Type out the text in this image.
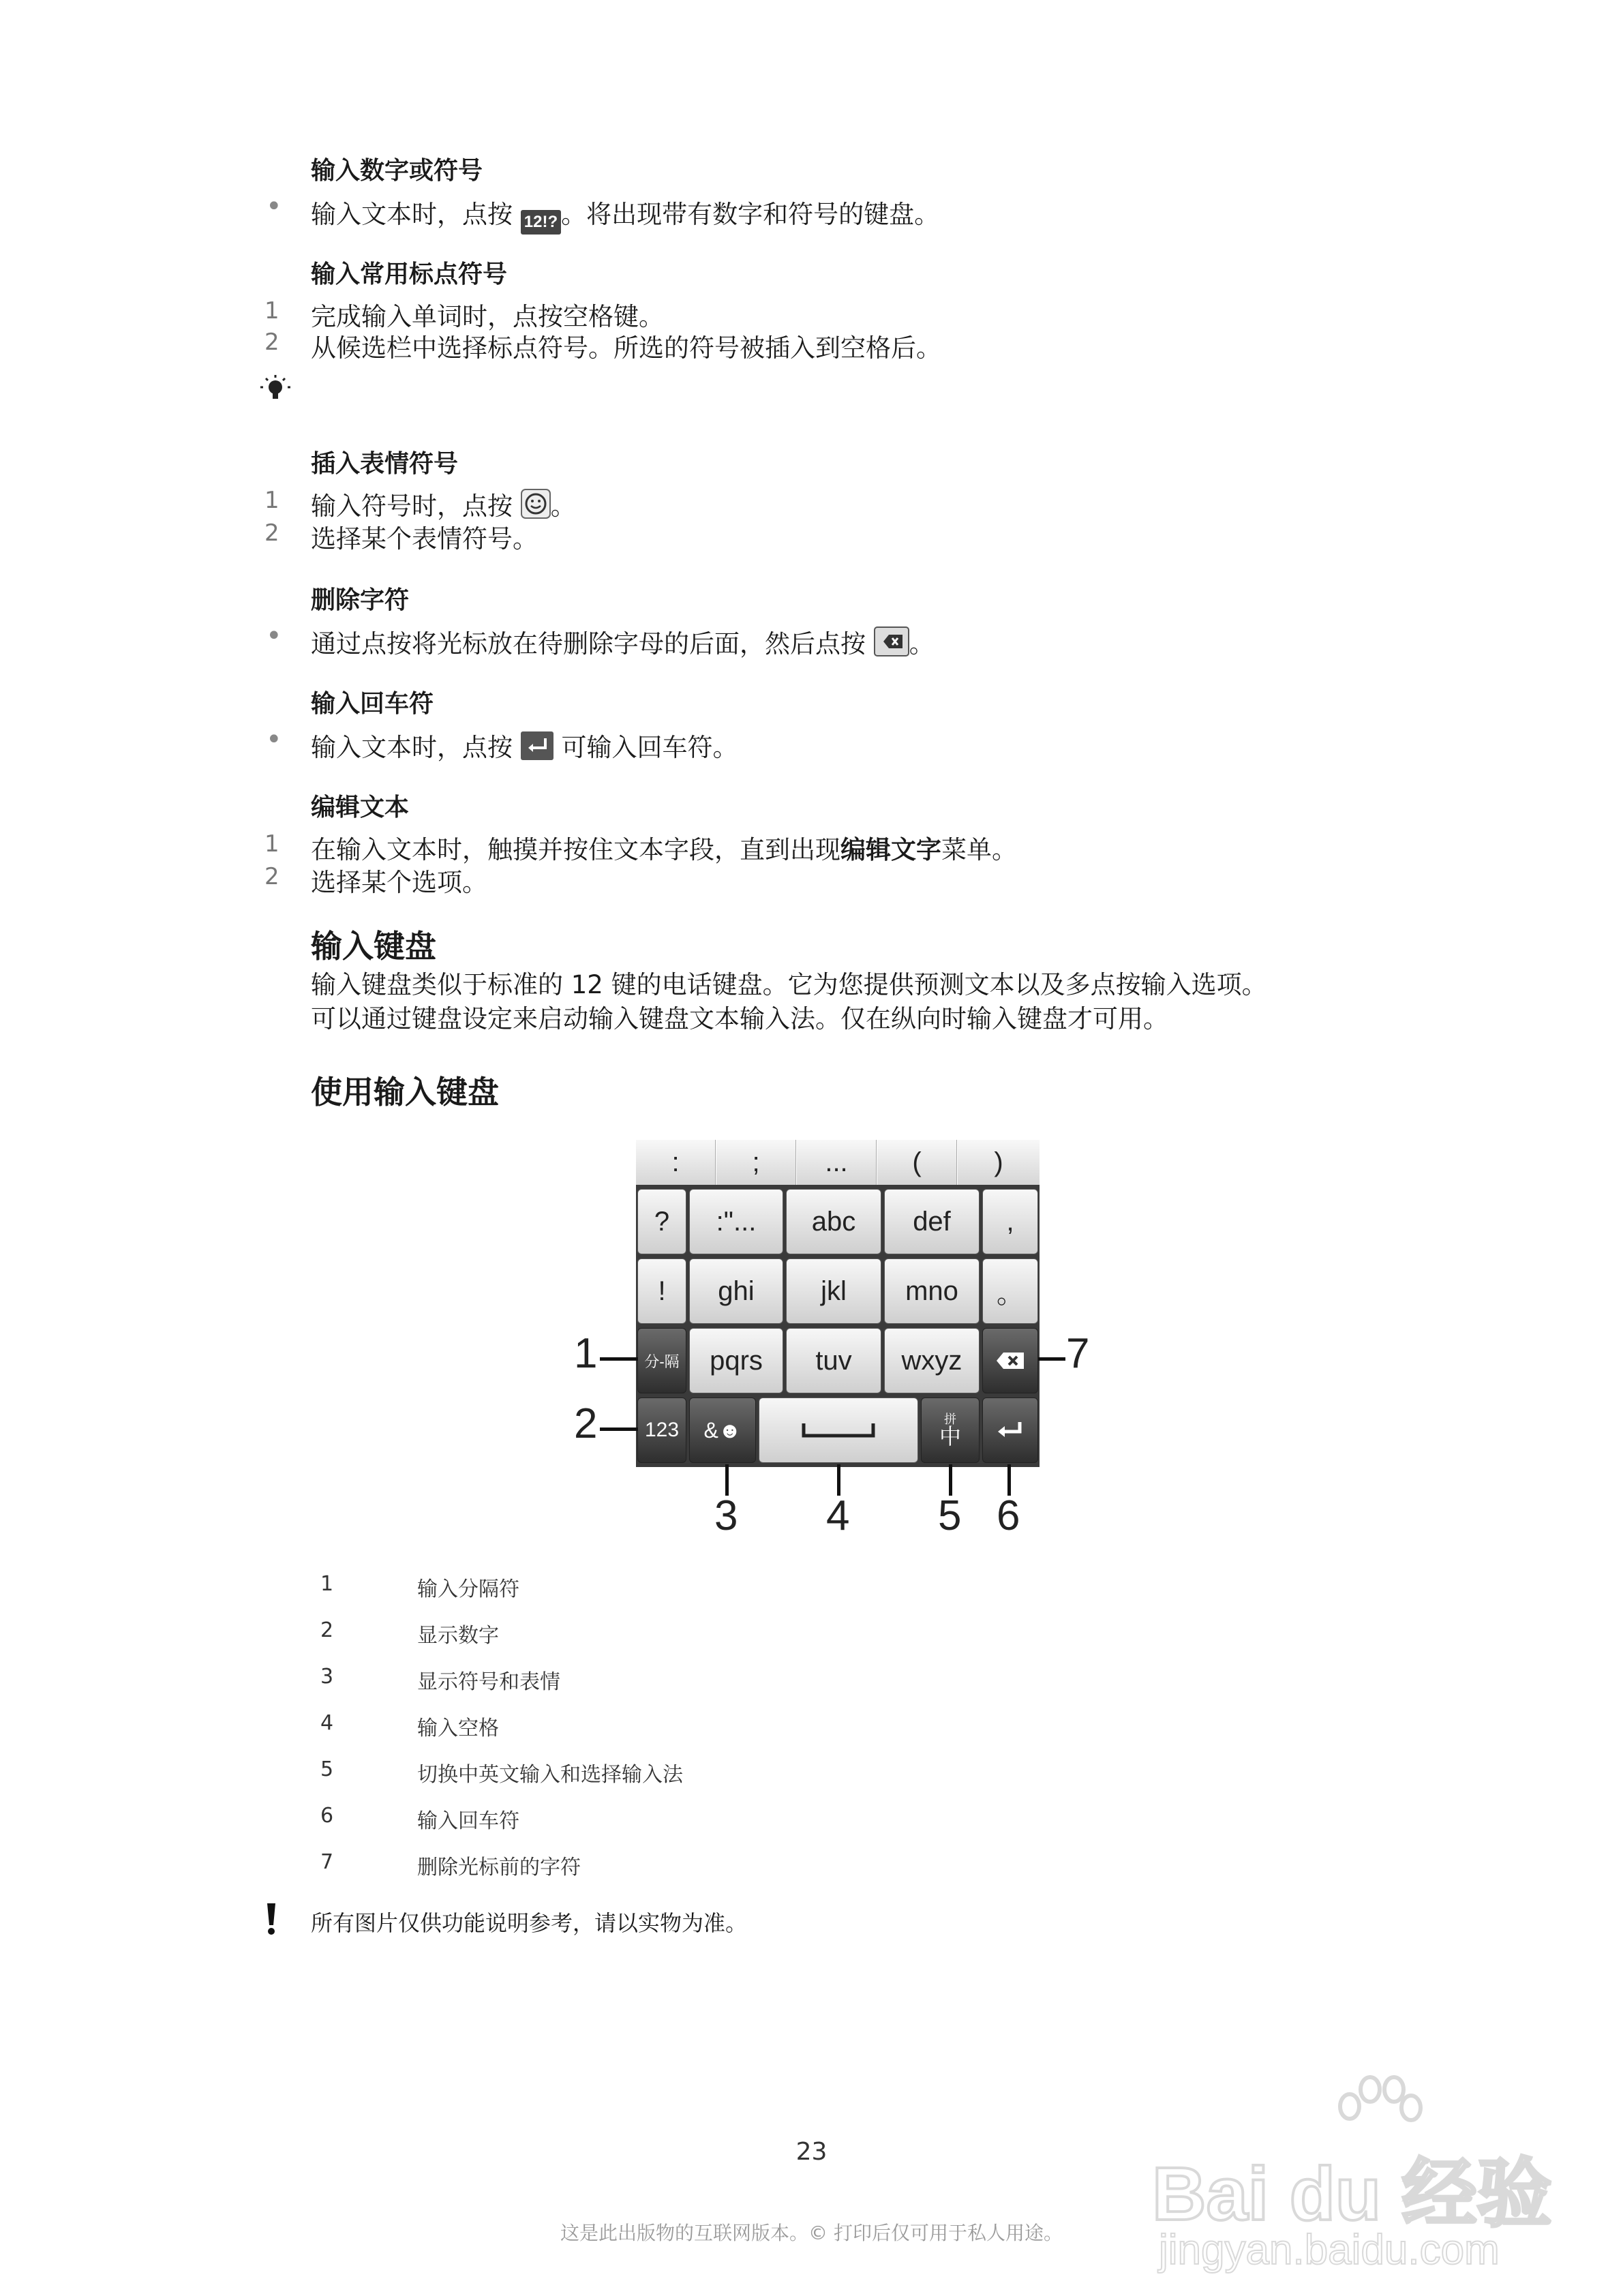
输入数字或符号
• 输入文本时，点按 12!? 。将出现带有数字和符号的键盘。
输入常用标点符号
1 完成输入单词时，点按空格键。
2 从候选栏中选择标点符号。所选的符号被插入到空格后。
插入表情符号
1 输入符号时，点按 。
2 选择某个表情符号。
删除字符
• 通过点按将光标放在待删除字母的后面，然后点按 。
输入回车符
• 输入文本时，点按  可输入回车符。
编辑文本
1 在输入文本时，触摸并按住文本字段，直到出现编辑文字菜单。
2 选择某个选项。
输入键盘
输入键盘类似于标准的 12 键的电话键盘。它为您提供预测文本以及多点按输入选项。
可以通过键盘设定来启动输入键盘文本输入法。仅在纵向时输入键盘才可用。
使用输入键盘
:	;	...	(	)
?	:"...	abc	def	,
!	ghi	jkl	mno	。
分-隔	pqrs	tuv	wxyz
123	&☻	拼
中
1
2
3 4 5 6
7
1	输入分隔符
2	显示数字
3	显示符号和表情
4	输入空格
5	切换中英文输入和选择输入法
6	输入回车符
7	删除光标前的字符
所有图片仅供功能说明参考，请以实物为准。
23
这是此出版物的互联网版本。© 打印后仅可用于私人用途。	Bai du 经验
jingyan.baidu.com
